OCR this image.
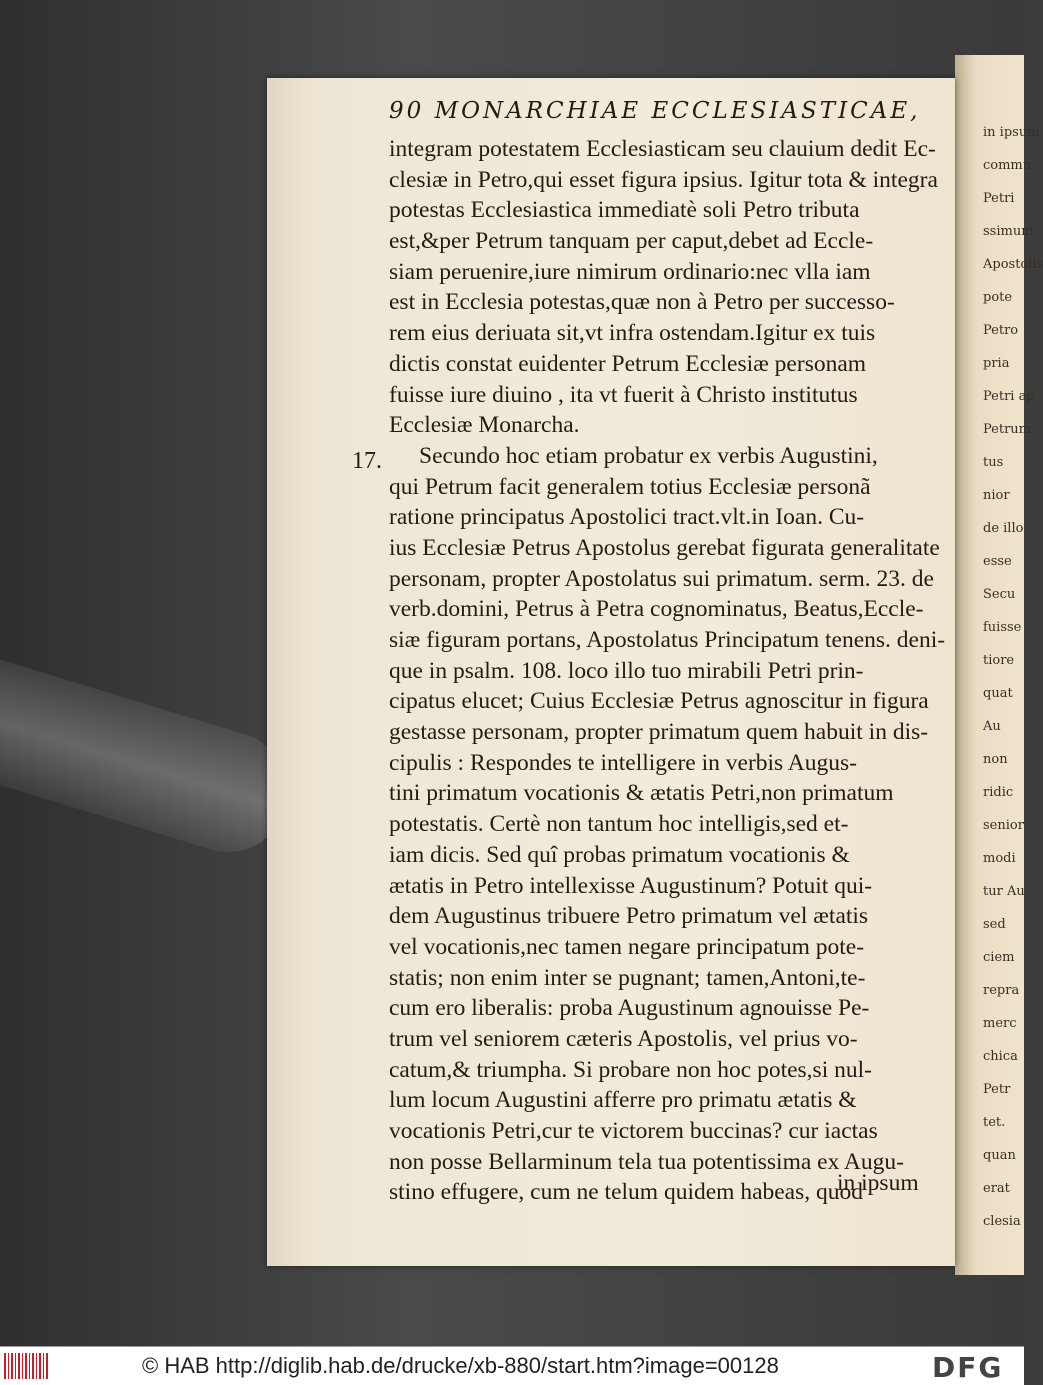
in ipsum
commu
Petri
ssimum
Apostolis
pote
Petro
pria
Petri ap
Petrum
tus
nior
de illo
esse
Secu
fuisse
tiore
quat
Au
non
ridic
senior
modi
tur Au
sed
ciem
repra
merc
chica
Petr
tet.
quan
erat
clesia
90 MONARCHIAE ECCLESIASTICAE,
17.
integram potestatem Ecclesiasticam seu clauium dedit Ec-
clesiæ in Petro,qui esset figura ipsius. Igitur tota & integra
potestas Ecclesiastica immediatè soli Petro tributa
est,&per Petrum tanquam per caput,debet ad Eccle-
siam peruenire,iure nimirum ordinario:nec vlla iam
est in Ecclesia potestas,quæ non à Petro per successo-
rem eius deriuata sit,vt infra ostendam.Igitur ex tuis
dictis constat euidenter Petrum Ecclesiæ personam
fuisse iure diuino , ita vt fuerit à Christo institutus
Ecclesiæ Monarcha.
Secundo hoc etiam probatur ex verbis Augustini,
qui Petrum facit generalem totius Ecclesiæ personã
ratione principatus Apostolici tract.vlt.in Ioan. Cu-
ius Ecclesiæ Petrus Apostolus gerebat figurata generalitate
personam, propter Apostolatus sui primatum. serm. 23. de
verb.domini, Petrus à Petra cognominatus, Beatus,Eccle-
siæ figuram portans, Apostolatus Principatum tenens. deni-
que in psalm. 108. loco illo tuo mirabili Petri prin-
cipatus elucet; Cuius Ecclesiæ Petrus agnoscitur in figura
gestasse personam, propter primatum quem habuit in dis-
cipulis : Respondes te intelligere in verbis Augus-
tini primatum vocationis & ætatis Petri,non primatum
potestatis. Certè non tantum hoc intelligis,sed et-
iam dicis. Sed quî probas primatum vocationis &
ætatis in Petro intellexisse Augustinum? Potuit qui-
dem Augustinus tribuere Petro primatum vel ætatis
vel vocationis,nec tamen negare principatum pote-
statis; non enim inter se pugnant; tamen,Antoni,te-
cum ero liberalis: proba Augustinum agnouisse Pe-
trum vel seniorem cæteris Apostolis, vel prius vo-
catum,& triumpha. Si probare non hoc potes,si nul-
lum locum Augustini afferre pro primatu ætatis &
vocationis Petri,cur te victorem buccinas? cur iactas
non posse Bellarminum tela tua potentissima ex Augu-
stino effugere, cum ne telum quidem habeas, quod
in ipsum
© HAB http://diglib.hab.de/drucke/xb-880/start.htm?image=00128	DFG
